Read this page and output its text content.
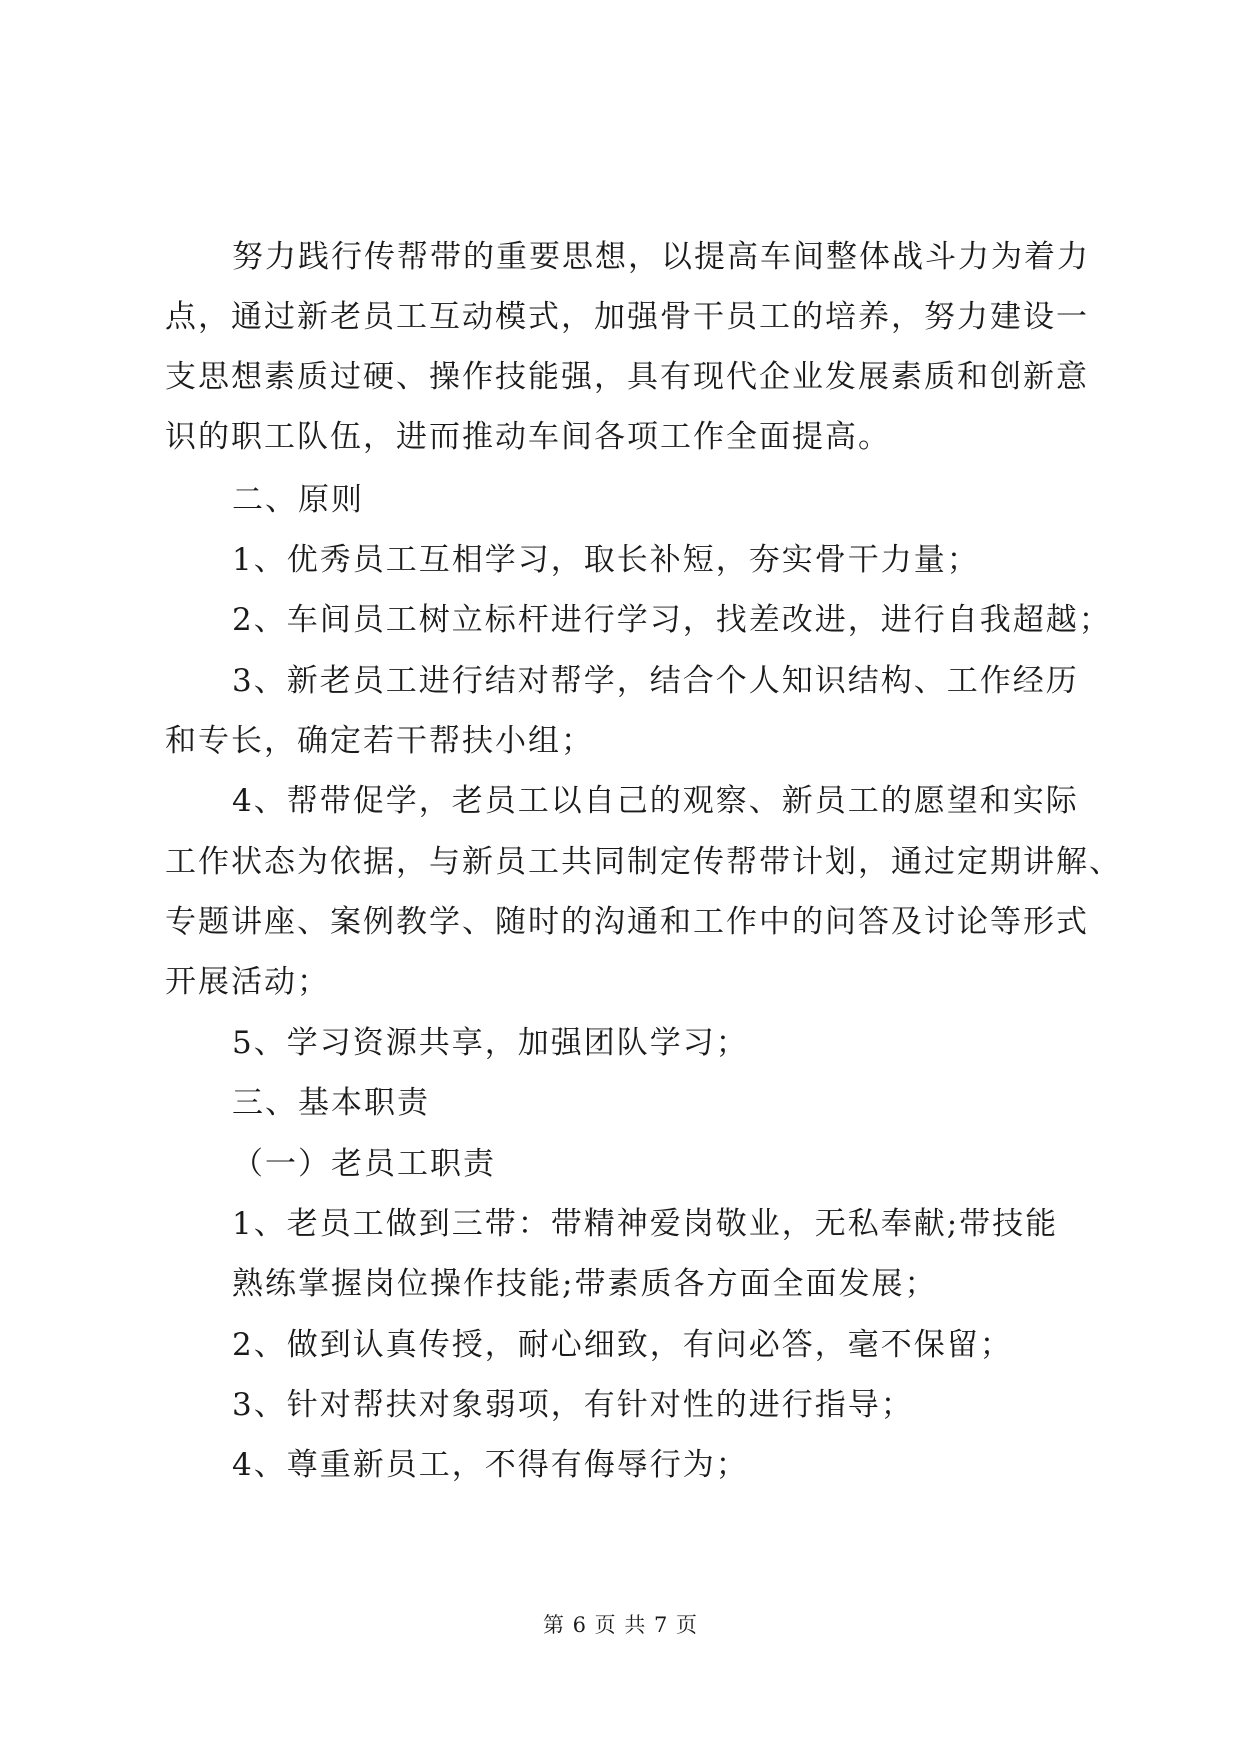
努力践行传帮带的重要思想，以提高车间整体战斗力为着力
点，通过新老员工互动模式，加强骨干员工的培养，努力建设一
支思想素质过硬、操作技能强，具有现代企业发展素质和创新意
识的职工队伍，进而推动车间各项工作全面提高。
二、原则
1、优秀员工互相学习，取长补短，夯实骨干力量；
2、车间员工树立标杆进行学习，找差改进，进行自我超越；
3、新老员工进行结对帮学，结合个人知识结构、工作经历
和专长，确定若干帮扶小组；
4、帮带促学，老员工以自己的观察、新员工的愿望和实际
工作状态为依据，与新员工共同制定传帮带计划，通过定期讲解、
专题讲座、案例教学、随时的沟通和工作中的问答及讨论等形式
开展活动；
5、学习资源共享，加强团队学习；
三、基本职责
（一）老员工职责
1、老员工做到三带：带精神爱岗敬业，无私奉献;带技能
熟练掌握岗位操作技能;带素质各方面全面发展；
2、做到认真传授，耐心细致，有问必答，毫不保留；
3、针对帮扶对象弱项，有针对性的进行指导；
4、尊重新员工，不得有侮辱行为；
第 6 页 共 7 页
